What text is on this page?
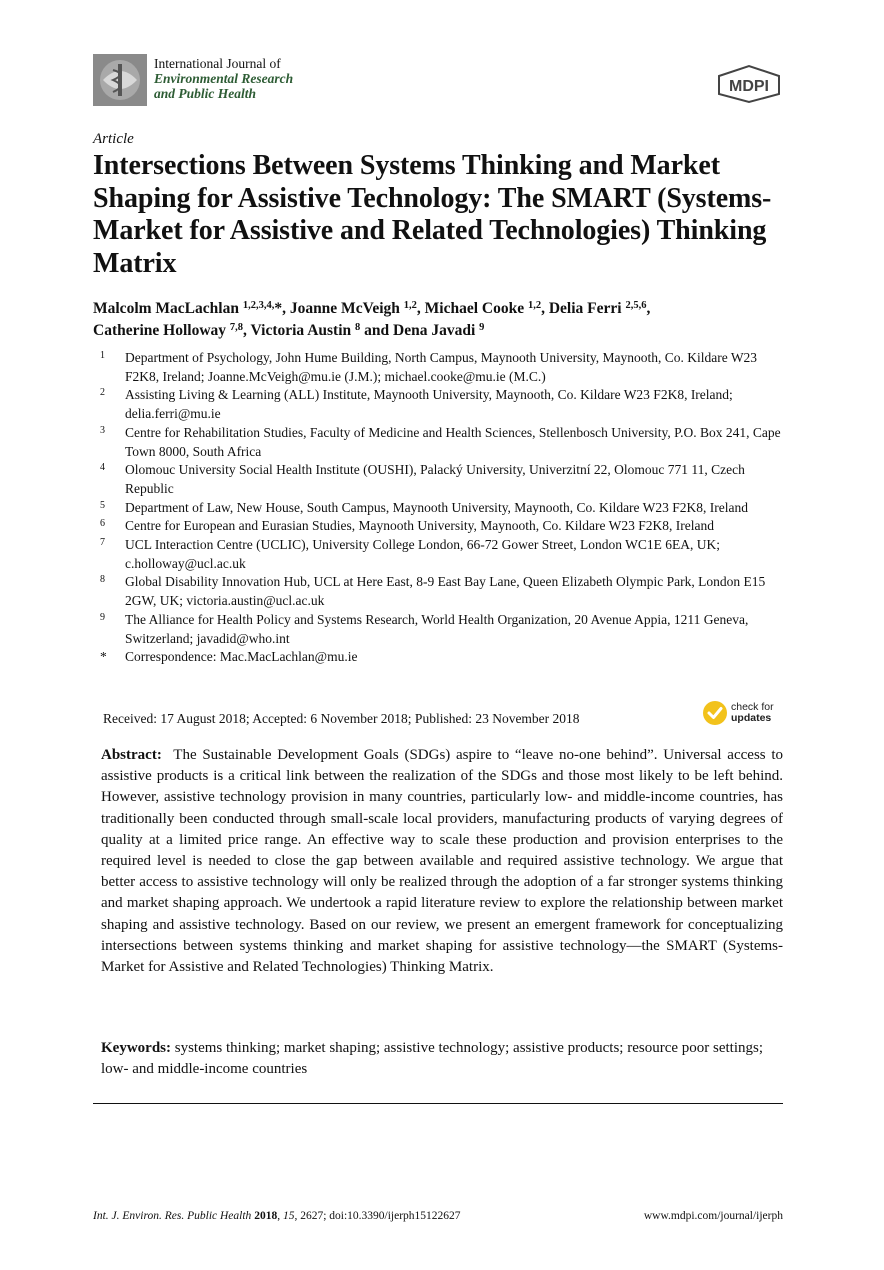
International Journal of
Environmental Research
and Public Health	MDPI
Article
Intersections Between Systems Thinking and Market Shaping for Assistive Technology: The SMART (Systems-Market for Assistive and Related Technologies) Thinking Matrix
Malcolm MacLachlan $^{1,2,3,4,}$*, Joanne McVeigh $^{1,2}$, Michael Cooke $^{1,2}$, Delia Ferri $^{2,5,6}$,
Catherine Holloway $^{7,8}$, Victoria Austin $^8$ and Dena Javadi $^9$
1	Department of Psychology, John Hume Building, North Campus, Maynooth University, Maynooth, Co. Kildare W23 F2K8, Ireland; Joanne.McVeigh@mu.ie (J.M.); michael.cooke@mu.ie (M.C.)
2	Assisting Living & Learning (ALL) Institute, Maynooth University, Maynooth, Co. Kildare W23 F2K8, Ireland; delia.ferri@mu.ie
3	Centre for Rehabilitation Studies, Faculty of Medicine and Health Sciences, Stellenbosch University, P.O. Box 241, Cape Town 8000, South Africa
4	Olomouc University Social Health Institute (OUSHI), Palacký University, Univerzitní 22, Olomouc 771 11, Czech Republic
5	Department of Law, New House, South Campus, Maynooth University, Maynooth, Co. Kildare W23 F2K8, Ireland
6	Centre for European and Eurasian Studies, Maynooth University, Maynooth, Co. Kildare W23 F2K8, Ireland
7	UCL Interaction Centre (UCLIC), University College London, 66-72 Gower Street, London WC1E 6EA, UK; c.holloway@ucl.ac.uk
8	Global Disability Innovation Hub, UCL at Here East, 8-9 East Bay Lane, Queen Elizabeth Olympic Park, London E15 2GW, UK; victoria.austin@ucl.ac.uk
9	The Alliance for Health Policy and Systems Research, World Health Organization, 20 Avenue Appia, 1211 Geneva, Switzerland; javadid@who.int
*	Correspondence: Mac.MacLachlan@mu.ie
Received: 17 August 2018; Accepted: 6 November 2018; Published: 23 November 2018
check for
updates

Abstract: The Sustainable Development Goals (SDGs) aspire to “leave no-one behind”. Universal access to assistive products is a critical link between the realization of the SDGs and those most likely to be left behind. However, assistive technology provision in many countries, particularly low- and middle-income countries, has traditionally been conducted through small-scale local providers, manufacturing products of varying degrees of quality at a limited price range. An effective way to scale these production and provision enterprises to the required level is needed to close the gap between available and required assistive technology. We argue that better access to assistive technology will only be realized through the adoption of a far stronger systems thinking and market shaping approach. We undertook a rapid literature review to explore the relationship between market shaping and assistive technology. Based on our review, we present an emergent framework for conceptualizing intersections between systems thinking and market shaping for assistive technology—the SMART (Systems-Market for Assistive and Related Technologies) Thinking Matrix.

Keywords: systems thinking; market shaping; assistive technology; assistive products; resource poor settings; low- and middle-income countries

Int. J. Environ. Res. Public Health 2018, 15, 2627; doi:10.3390/ijerph15122627	www.mdpi.com/journal/ijerph
